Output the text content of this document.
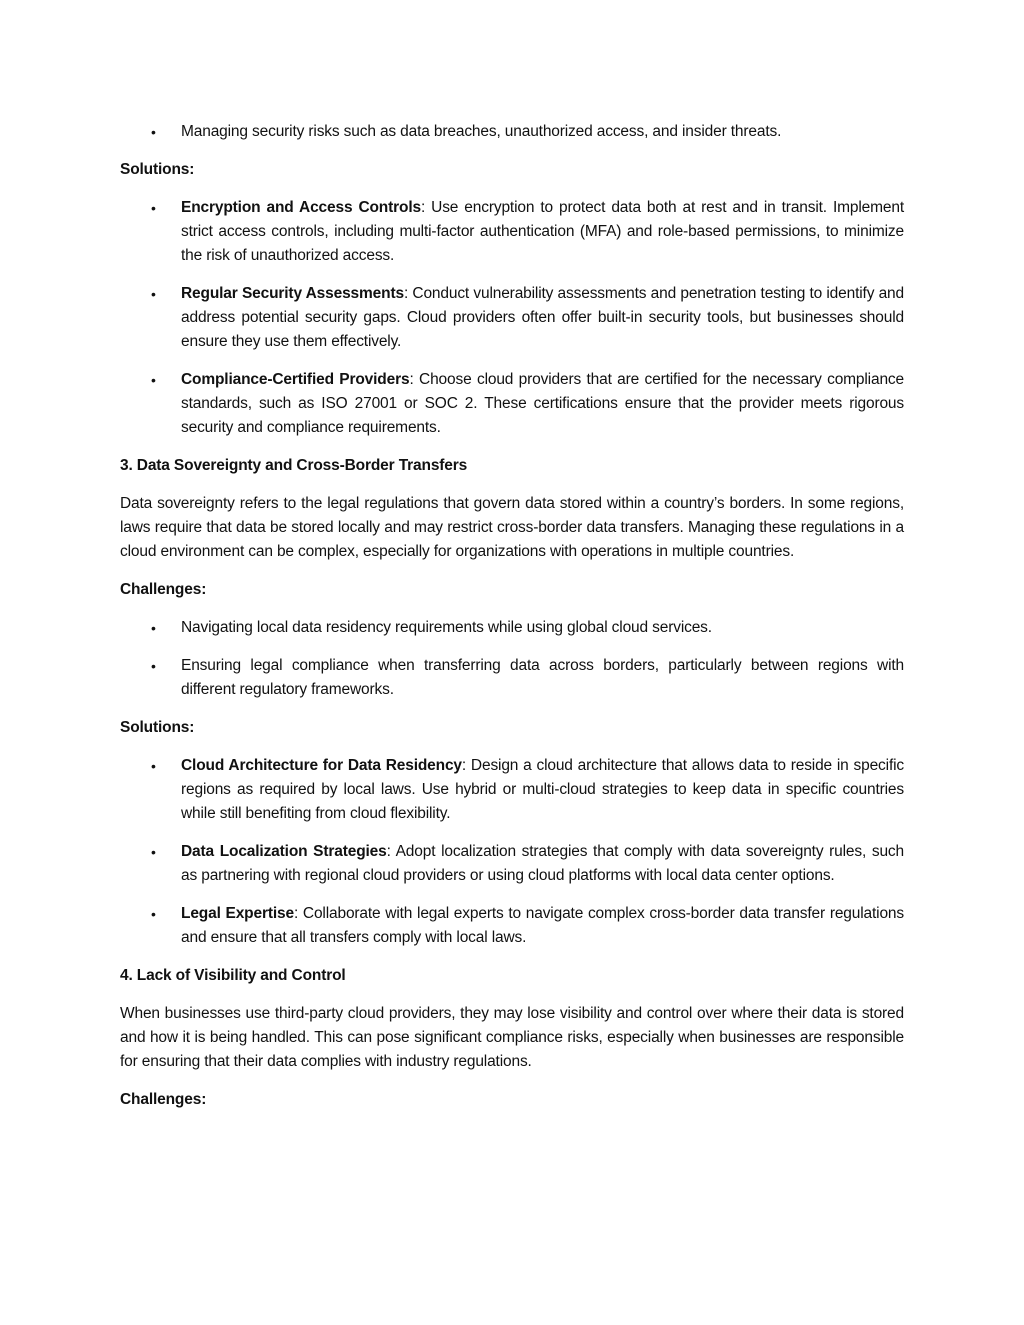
• Managing security risks such as data breaches, unauthorized access, and insider threats.

Solutions:

• Encryption and Access Controls: Use encryption to protect data both at rest and in transit. Implement strict access controls, including multi-factor authentication (MFA) and role-based permissions, to minimize the risk of unauthorized access.
• Regular Security Assessments: Conduct vulnerability assessments and penetration testing to identify and address potential security gaps. Cloud providers often offer built-in security tools, but businesses should ensure they use them effectively.
• Compliance-Certified Providers: Choose cloud providers that are certified for the necessary compliance standards, such as ISO 27001 or SOC 2. These certifications ensure that the provider meets rigorous security and compliance requirements.

3. Data Sovereignty and Cross-Border Transfers

Data sovereignty refers to the legal regulations that govern data stored within a country’s borders. In some regions, laws require that data be stored locally and may restrict cross-border data transfers. Managing these regulations in a cloud environment can be complex, especially for organizations with operations in multiple countries.

Challenges:

• Navigating local data residency requirements while using global cloud services.
• Ensuring legal compliance when transferring data across borders, particularly between regions with different regulatory frameworks.

Solutions:

• Cloud Architecture for Data Residency: Design a cloud architecture that allows data to reside in specific regions as required by local laws. Use hybrid or multi-cloud strategies to keep data in specific countries while still benefiting from cloud flexibility.
• Data Localization Strategies: Adopt localization strategies that comply with data sovereignty rules, such as partnering with regional cloud providers or using cloud platforms with local data center options.
• Legal Expertise: Collaborate with legal experts to navigate complex cross-border data transfer regulations and ensure that all transfers comply with local laws.

4. Lack of Visibility and Control

When businesses use third-party cloud providers, they may lose visibility and control over where their data is stored and how it is being handled. This can pose significant compliance risks, especially when businesses are responsible for ensuring that their data complies with industry regulations.

Challenges:
